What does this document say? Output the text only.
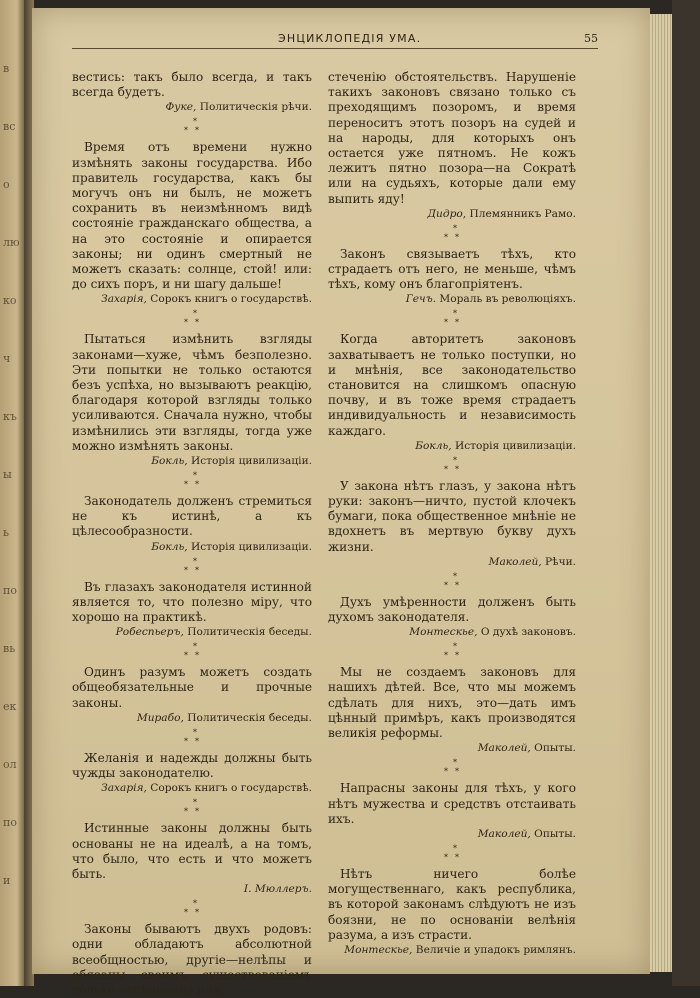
в
вс
о
лю
ко
ч
къ
ы
ь
по
вь
ек
ол
по
и
ЭНЦИКЛОПЕДІЯ УМА.	55
вестись: такъ было всегда, и такъ всегда будетъ.
Фуке, Политическія рѣчи.
*
**
Время отъ времени нужно измѣнять законы государства. Ибо правитель государства, какъ бы могучъ онъ ни былъ, не можетъ сохранить въ неизмѣнномъ видѣ состояніе гражданскаго общества, а на это состояніе и опирается законы; ни одинъ смертный не можетъ сказать: солнце, стой! или: до сихъ поръ, и ни шагу дальше!
Захарія, Сорокъ книгъ о государствѣ.
*
**
Пытаться измѣнить взгляды законами—хуже, чѣмъ безполезно. Эти попытки не только остаются безъ успѣха, но вызываютъ реакцію, благодаря которой взгляды только усиливаются. Сначала нужно, чтобы измѣнились эти взгляды, тогда уже можно измѣнять законы.
Бокль, Исторія цивилизаціи.
*
**
Законодатель долженъ стремиться не къ истинѣ, а къ цѣлесообразности.
Бокль, Исторія цивилизаціи.
*
**
Въ глазахъ законодателя истинной является то, что полезно міру, что хорошо на практикѣ.
Робеспьеръ, Политическія беседы.
*
**
Одинъ разумъ можетъ создать общеобязательные и прочные законы.
Мирабо, Политическія беседы.
*
**
Желанія и надежды должны быть чужды законодателю.
Захарія, Сорокъ книгъ о государствѣ.
*
**
Истинные законы должны быть основаны не на идеалѣ, а на томъ, что было, что есть и что можетъ быть.
I. Мюллеръ.
*
**
Законы бываютъ двухъ родовъ: одни обладаютъ абсолютной всеобщностью, другіе—нелѣпы и обязаны своимъ существованіемъ только ослѣпленію или
стеченію обстоятельствъ. Нарушеніе такихъ законовъ связано только съ преходящимъ позоромъ, и время переноситъ этотъ позоръ на судей и на народы, для которыхъ онъ остается уже пятномъ. Не кожъ лежитъ пятно позора—на Сократѣ или на судьяхъ, которые дали ему выпить яду!
Дидро, Племянникъ Рамо.
*
**
Законъ связываетъ тѣхъ, кто страдаетъ отъ него, не меньше, чѣмъ тѣхъ, кому онъ благопріятенъ.
Гечъ. Мораль въ революціяхъ.
*
**
Когда авторитетъ законовъ захватываетъ не только поступки, но и мнѣнія, все законодательство становится на слишкомъ опасную почву, и въ тоже время страдаетъ индивидуальность и независимость каждаго.
Бокль, Исторія цивилизаціи.
*
**
У закона нѣтъ глазъ, у закона нѣтъ руки: законъ—ничто, пустой клочекъ бумаги, пока общественное мнѣніе не вдохнетъ въ мертвую букву духъ жизни.
Маколей, Рѣчи.
*
**
Духъ умѣренности долженъ быть духомъ законодателя.
Монтескье, О духѣ законовъ.
*
**
Мы не создаемъ законовъ для нашихъ дѣтей. Все, что мы можемъ сдѣлать для нихъ, это—дать имъ цѣнный примѣръ, какъ производятся великія реформы.
Маколей, Опыты.
*
**
Напрасны законы для тѣхъ, у кого нѣтъ мужества и средствъ отстаивать ихъ.
Маколей, Опыты.
*
**
Нѣтъ ничего болѣе могущественнаго, какъ республика, въ которой законамъ слѣдуютъ не изъ боязни, не по основаніи велѣнія разума, а изъ страсти.
Монтескье, Величіе и упадокъ римлянъ.
